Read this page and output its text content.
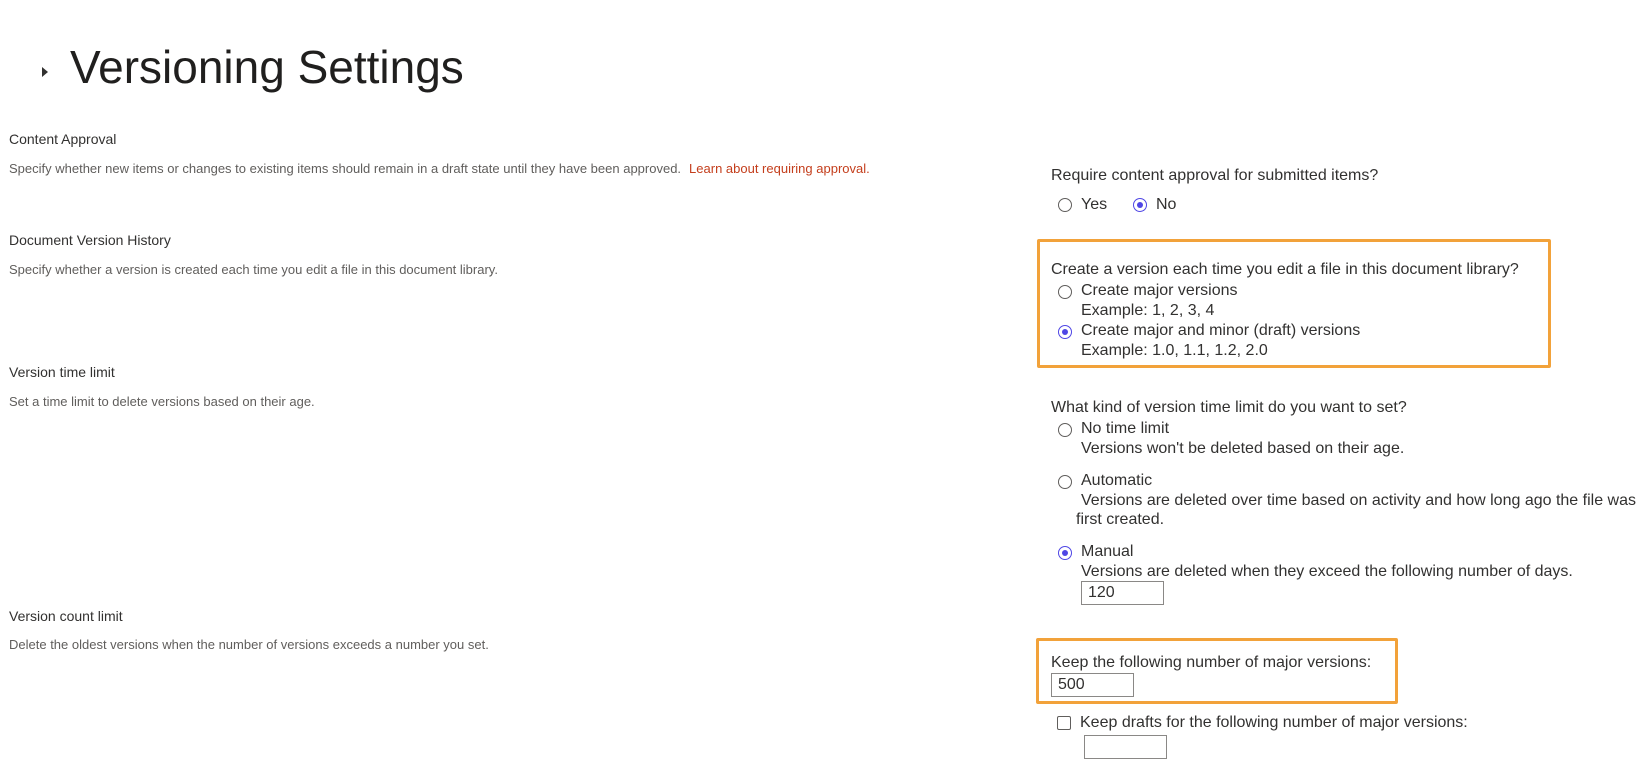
Versioning Settings
Content Approval
Specify whether new items or changes to existing items should remain in a draft state until they have been approved. Learn about requiring approval.
Document Version History
Specify whether a version is created each time you edit a file in this document library.
Version time limit
Set a time limit to delete versions based on their age.
Version count limit
Delete the oldest versions when the number of versions exceeds a number you set.
Require content approval for submitted items?
Yes	No
Create a version each time you edit a file in this document library?
Create major versions
Example: 1, 2, 3, 4
Create major and minor (draft) versions
Example: 1.0, 1.1, 1.2, 2.0
What kind of version time limit do you want to set?
No time limit
Versions won't be deleted based on their age.
Automatic
Versions are deleted over time based on activity and how long ago the file was first created.
Manual
Versions are deleted when they exceed the following number of days.
120
Keep the following number of major versions:
500
Keep drafts for the following number of major versions:
